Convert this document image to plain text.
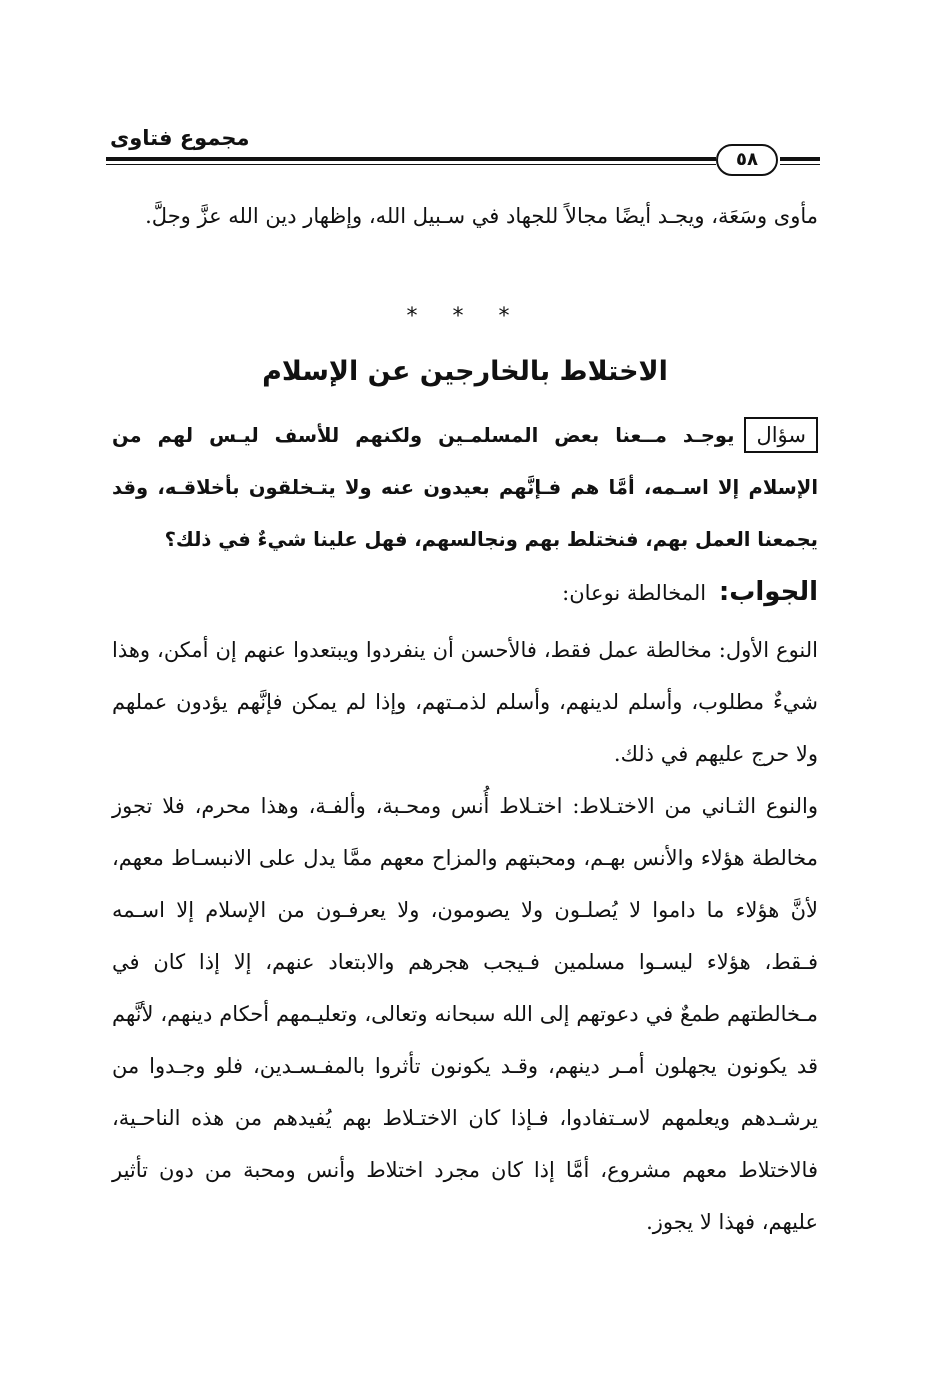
مجموع فتاوى
٥٨
مأوى وسَعَة، ويجـد أيضًا مجالاً للجهاد في سـبيل الله، وإظهار دين الله عزَّ وجلَّ.
* * *
الاختلاط بالخارجين عن الإسلام
سؤاليوجـد مــعنا بعض المسلمـين ولكنهم للأسف ليـس لهم من الإسلام إلا اسـمه، أمَّا هم فـإنَّهم بعيدون عنه ولا يتـخلقون بأخلاقـه، وقد يجمعنا العمل بهم، فنختلط بهم ونجالسهم، فهل علينا شيءٌ في ذلك؟
الجواب: المخالطة نوعان:
النوع الأول: مخالطة عمل فقط، فالأحسن أن ينفردوا ويبتعدوا عنهم إن أمكن، وهذا شيءٌ مطلوب، وأسلم لدينهم، وأسلم لذمـتهم، وإذا لم يمكن فإنَّهم يؤدون عملهم ولا حرج عليهم في ذلك.
والنوع الثـاني من الاختـلاط: اختـلاط أُنس ومحـبة، وألفـة، وهذا محرم، فلا تجوز مخالطة هؤلاء والأنس بهـم، ومحبتهم والمزاح معهم ممَّا يدل على الانبسـاط معهم، لأنَّ هؤلاء ما داموا لا يُصلـون ولا يصومون، ولا يعرفـون من الإسلام إلا اسـمه فـقط، هؤلاء ليسـوا مسلمين فـيجب هجرهم والابتعاد عنهم، إلا إذا كان في مـخالطتهم طمعٌ في دعوتهم إلى الله سبحانه وتعالى، وتعليـمهم أحكام دينهم، لأنَّهم قد يكونون يجهلون أمـر دينهم، وقـد يكونون تأثروا بالمفـسـدين، فلو وجـدوا من يرشـدهم ويعلمهم لاسـتفادوا، فـإذا كان الاختـلاط بهم يُفيدهم من هذه الناحـية، فالاختلاط معهم مشروع، أمَّا إذا كان مجرد اختلاط وأنس ومحبة من دون تأثير عليهم، فهذا لا يجوز.
